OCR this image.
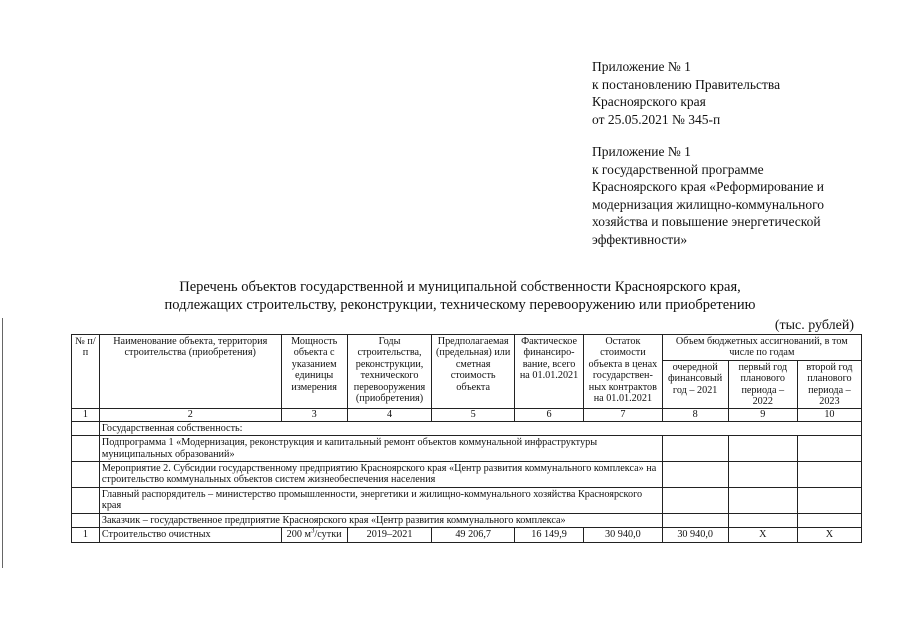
Приложение № 1
к постановлению Правительства
Красноярского края
от 25.05.2021 № 345-п
Приложение № 1
к государственной программе
Красноярского края «Реформирование и
модернизация жилищно-коммунального
хозяйства и повышение энергетической
эффективности»
Перечень объектов государственной и муниципальной собственности Красноярского края,
подлежащих строительству, реконструкции, техническому перевооружению или приобретению
(тыс. рублей)
№ п/п	Наименование объекта, территория строительства (приобретения)	Мощность объекта с указанием единицы измерения	Годы строительства, реконструкции, технического перевооружения (приобретения)	Предполагаемая (предельная) или сметная стоимость объекта	Фактическое финансиро-вание, всего на 01.01.2021	Остаток стоимости объекта в ценах государствен-ных контрактов на 01.01.2021	Объем бюджетных ассигнований, в том числе по годам		
							очередной финансовый год – 2021	первый год планового периода – 2022	второй год планового периода – 2023
1	2	3	4	5	6	7	8	9	10
	Государственная собственность:								
	Подпрограмма 1 «Модернизация, реконструкция и капитальный ремонт объектов коммунальной инфраструктуры муниципальных образований»								
	Мероприятие 2. Субсидии государственному предприятию Красноярского края «Центр развития коммунального комплекса» на строительство коммунальных объектов систем жизнеобеспечения населения								
	Главный распорядитель – министерство промышленности, энергетики и жилищно-коммунального хозяйства Красноярского края								
	Заказчик – государственное предприятие Красноярского края «Центр развития коммунального комплекса»								
1	Строительство очистных	200 $м^3$/сутки	2019–2021	49 206,7	16 149,9	30 940,0	30 940,0	Х	Х
